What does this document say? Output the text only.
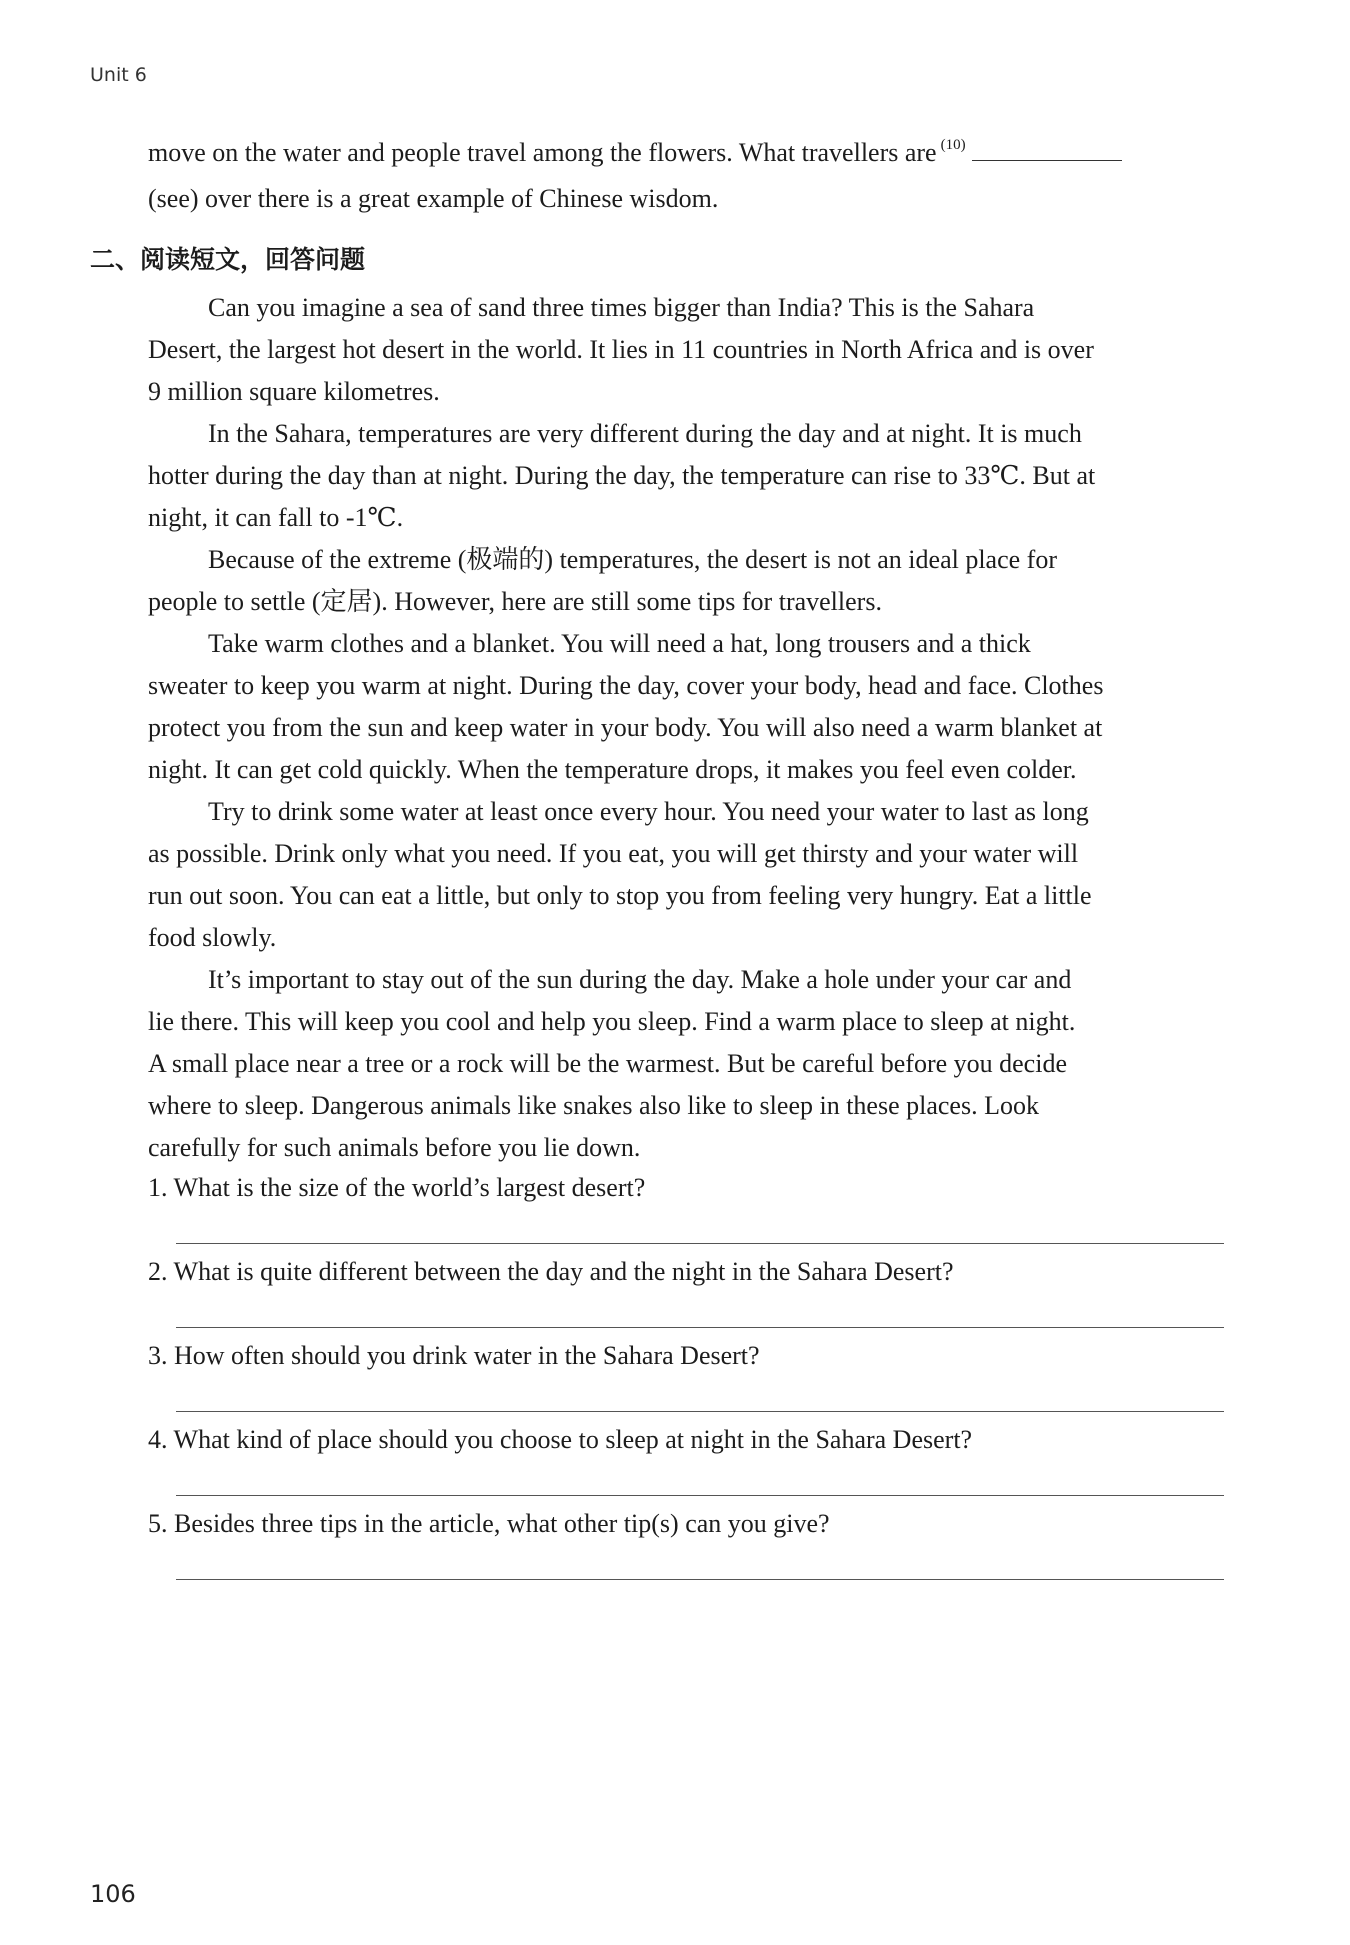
Unit 6
move on the water and people travel among the flowers. What travellers are $^{(10)}$
(see) over there is a great example of Chinese wisdom.
二、阅读短文，回答问题
Can you imagine a sea of sand three times bigger than India? This is the Sahara
Desert, the largest hot desert in the world. It lies in 11 countries in North Africa and is over
9 million square kilometres.
In the Sahara, temperatures are very different during the day and at night. It is much
hotter during the day than at night. During the day, the temperature can rise to 33℃. But at
night, it can fall to -1℃.
Because of the extreme (极端的) temperatures, the desert is not an ideal place for
people to settle (定居). However, here are still some tips for travellers.
Take warm clothes and a blanket. You will need a hat, long trousers and a thick
sweater to keep you warm at night. During the day, cover your body, head and face. Clothes
protect you from the sun and keep water in your body. You will also need a warm blanket at
night. It can get cold quickly. When the temperature drops, it makes you feel even colder.
Try to drink some water at least once every hour. You need your water to last as long
as possible. Drink only what you need. If you eat, you will get thirsty and your water will
run out soon. You can eat a little, but only to stop you from feeling very hungry. Eat a little
food slowly.
It’s important to stay out of the sun during the day. Make a hole under your car and
lie there. This will keep you cool and help you sleep. Find a warm place to sleep at night.
A small place near a tree or a rock will be the warmest. But be careful before you decide
where to sleep. Dangerous animals like snakes also like to sleep in these places. Look
carefully for such animals before you lie down.
1. What is the size of the world’s largest desert?
2. What is quite different between the day and the night in the Sahara Desert?
3. How often should you drink water in the Sahara Desert?
4. What kind of place should you choose to sleep at night in the Sahara Desert?
5. Besides three tips in the article, what other tip(s) can you give?
106
